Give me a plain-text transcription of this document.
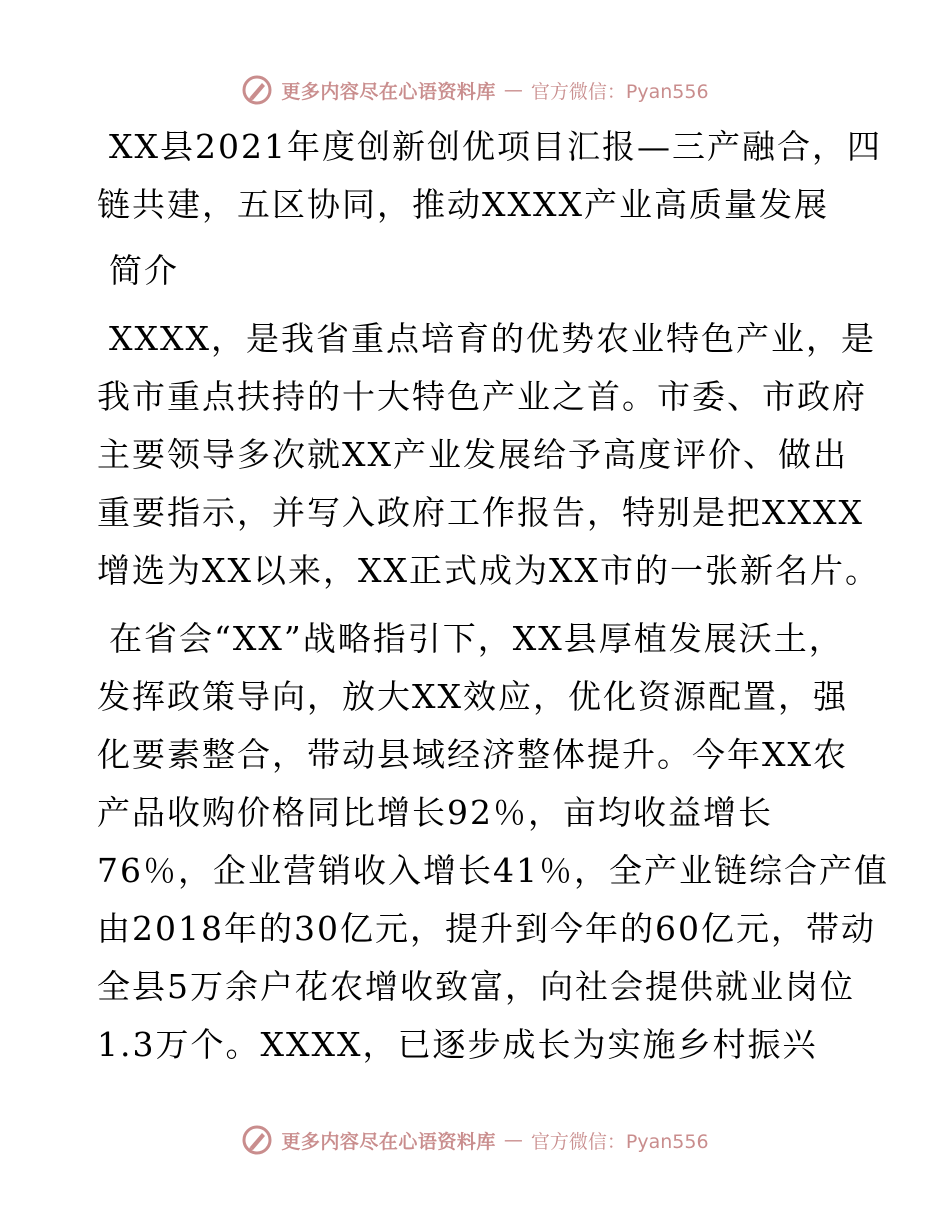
更多内容尽在心语资料库 — 官方微信：Pyan556

XX县2021年度创新创优项目汇报—三产融合，四
链共建，五区协同，推动XXXX产业高质量发展

简介

XXXX，是我省重点培育的优势农业特色产业，是
我市重点扶持的十大特色产业之首。市委、市政府
主要领导多次就XX产业发展给予高度评价、做出
重要指示，并写入政府工作报告，特别是把XXXX
增选为XX以来，XX正式成为XX市的一张新名片。

在省会“XX”战略指引下，XX县厚植发展沃土，
发挥政策导向，放大XX效应，优化资源配置，强
化要素整合，带动县域经济整体提升。今年XX农
产品收购价格同比增长92％，亩均收益增长
76％，企业营销收入增长41％，全产业链综合产值
由2018年的30亿元，提升到今年的60亿元，带动
全县5万余户花农增收致富，向社会提供就业岗位
1.3万个。XXXX，已逐步成长为实施乡村振兴

更多内容尽在心语资料库 — 官方微信：Pyan556
